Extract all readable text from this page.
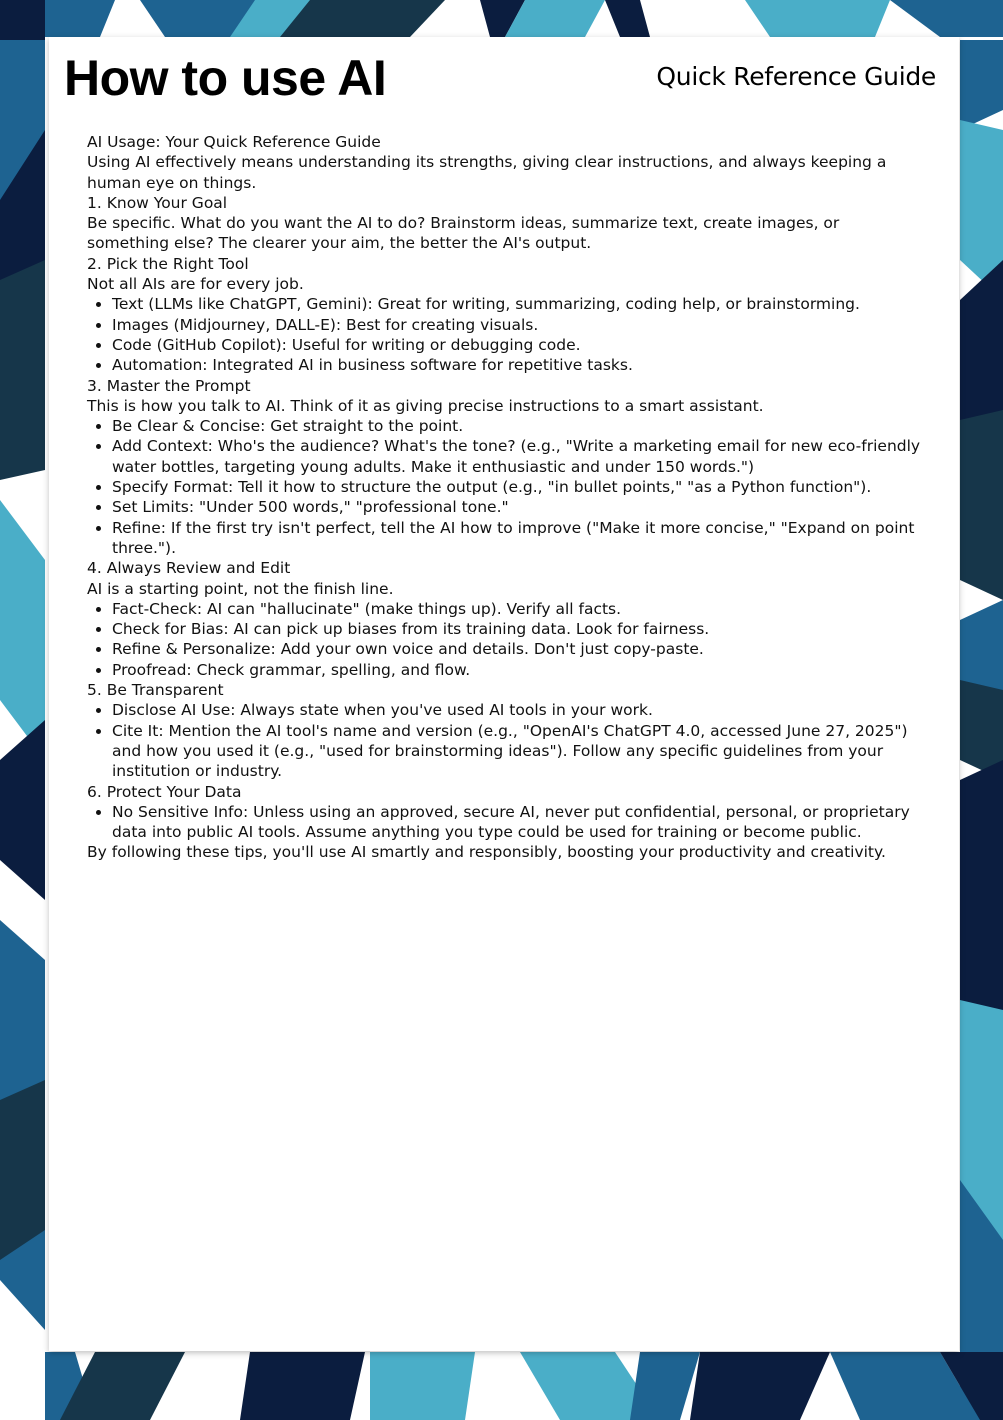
How to use AI	Quick Reference Guide

AI Usage: Your Quick Reference Guide

Using AI effectively means understanding its strengths, giving clear instructions, and always keeping a human eye on things.

1. Know Your Goal

Be specific. What do you want the AI to do? Brainstorm ideas, summarize text, create images, or something else? The clearer your aim, the better the AI's output.

2. Pick the Right Tool

Not all AIs are for every job.

• Text (LLMs like ChatGPT, Gemini): Great for writing, summarizing, coding help, or brainstorming.
• Images (Midjourney, DALL-E): Best for creating visuals.
• Code (GitHub Copilot): Useful for writing or debugging code.
• Automation: Integrated AI in business software for repetitive tasks.

3. Master the Prompt

This is how you talk to AI. Think of it as giving precise instructions to a smart assistant.

• Be Clear & Concise: Get straight to the point.
• Add Context: Who's the audience? What's the tone? (e.g., "Write a marketing email for new eco-friendly water bottles, targeting young adults. Make it enthusiastic and under 150 words.")
• Specify Format: Tell it how to structure the output (e.g., "in bullet points," "as a Python function").
• Set Limits: "Under 500 words," "professional tone."
• Refine: If the first try isn't perfect, tell the AI how to improve ("Make it more concise," "Expand on point three.").

4. Always Review and Edit

AI is a starting point, not the finish line.

• Fact-Check: AI can "hallucinate" (make things up). Verify all facts.
• Check for Bias: AI can pick up biases from its training data. Look for fairness.
• Refine & Personalize: Add your own voice and details. Don't just copy-paste.
• Proofread: Check grammar, spelling, and flow.

5. Be Transparent

• Disclose AI Use: Always state when you've used AI tools in your work.
• Cite It: Mention the AI tool's name and version (e.g., "OpenAI's ChatGPT 4.0, accessed June 27, 2025") and how you used it (e.g., "used for brainstorming ideas"). Follow any specific guidelines from your institution or industry.

6. Protect Your Data

• No Sensitive Info: Unless using an approved, secure AI, never put confidential, personal, or proprietary data into public AI tools. Assume anything you type could be used for training or become public.

By following these tips, you'll use AI smartly and responsibly, boosting your productivity and creativity.
